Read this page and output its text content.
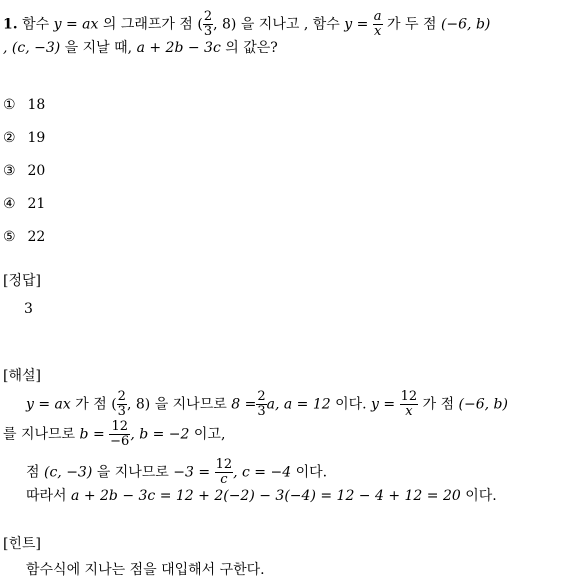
1. 함수 y = ax 의 그래프가 점 ( $\frac{2}{3}$ , 8) 을 지나고 , 함수 $y = \frac{a}{x}$ 가 두 점 (−6, b)
, (c, −3) 을 지날 때, a + 2b − 3c 의 값은?
① 18
② 19
③ 20
④ 21
⑤ 22
[정답]
3
[해설]
y = ax 가 점 ( $\frac{2}{3}$ , 8) 을 지나므로 $8 = \frac{2}{3} a$, a = 12 이다. $y = \frac{12}{x}$ 가 점 (−6, b)
를 지나므로 $b = \frac{12}{-6}$ , b = −2 이고,
점 (c, −3) 을 지나므로 $-3 = \frac{12}{c}$ , c = −4 이다.
따라서 a + 2b − 3c = 12 + 2(−2) − 3(−4) = 12 − 4 + 12 = 20 이다.
[힌트]
함수식에 지나는 점을 대입해서 구한다.
